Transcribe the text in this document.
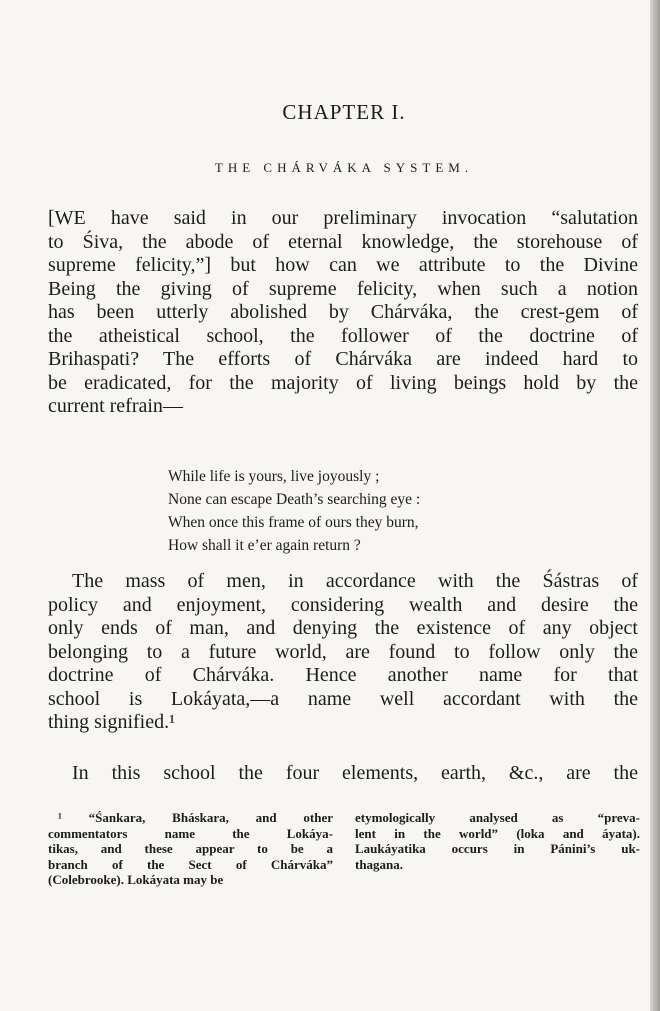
CHAPTER I.
THE CHÁRVÁKA SYSTEM.
[WE have said in our preliminary invocation “salutation
to Śiva, the abode of eternal knowledge, the storehouse of
supreme felicity,”] but how can we attribute to the Divine
Being the giving of supreme felicity, when such a notion
has been utterly abolished by Chárváka, the crest-gem of
the atheistical school, the follower of the doctrine of
Brihaspati? The efforts of Chárváka are indeed hard to
be eradicated, for the majority of living beings hold by the
current refrain—
While life is yours, live joyously ;
None can escape Death’s searching eye :
When once this frame of ours they burn,
How shall it e’er again return ?
The mass of men, in accordance with the Śástras of
policy and enjoyment, considering wealth and desire the
only ends of man, and denying the existence of any object
belonging to a future world, are found to follow only the
doctrine of Chárváka. Hence another name for that
school is Lokáyata,—a name well accordant with the
thing signified.¹
In this school the four elements, earth, &c., are the
¹ “Śankara, Bháskara, and other
commentators name the Lokáya-
tikas, and these appear to be a
branch of the Sect of Chárváka”
(Colebrooke). Lokáyata may be
etymologically analysed as “preva-
lent in the world” (loka and áyata).
Laukáyatika occurs in Pánini’s uk-
thagana.
